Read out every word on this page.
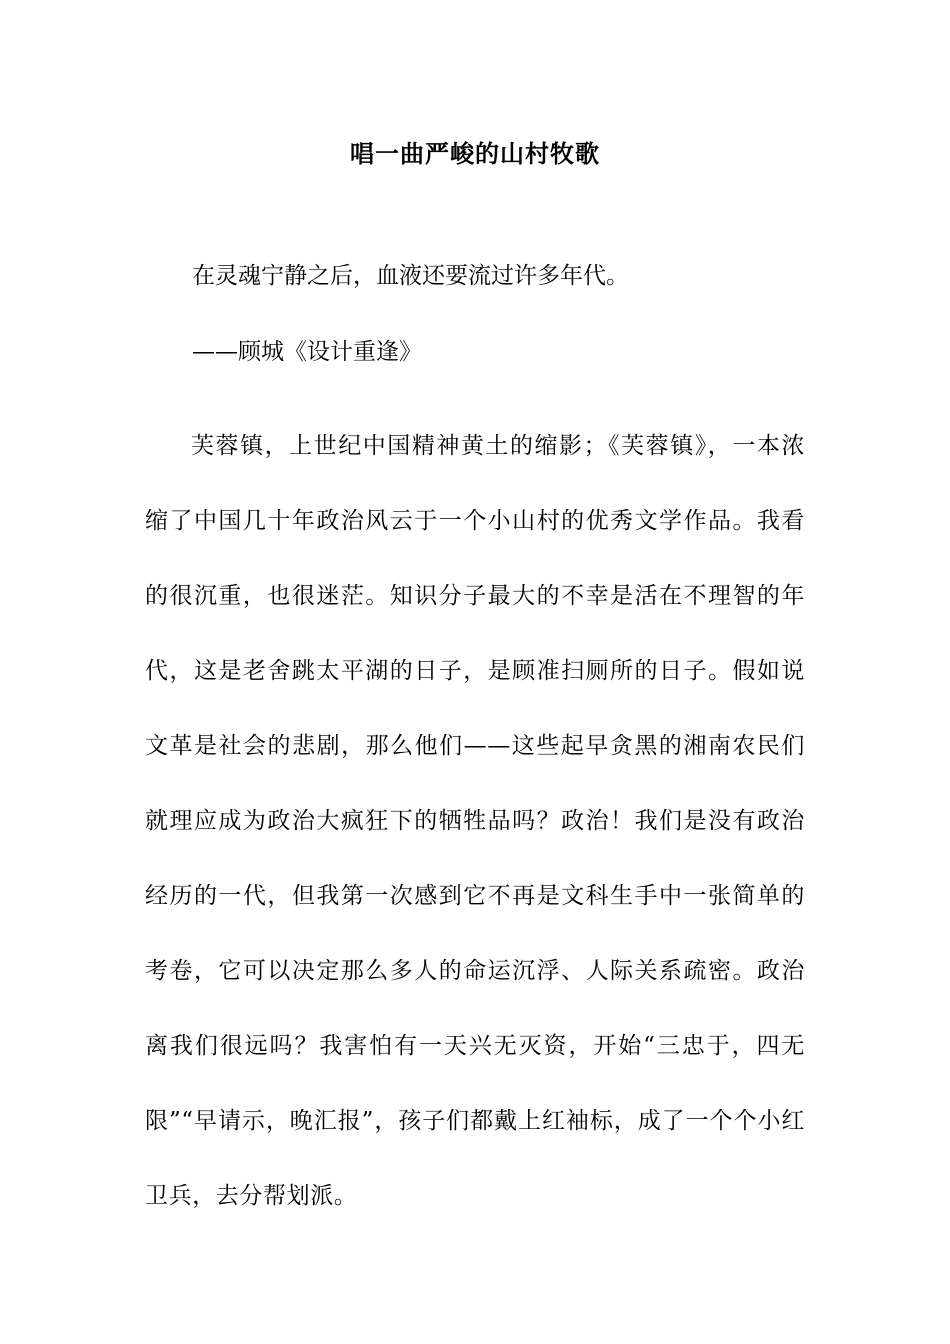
唱一曲严峻的山村牧歌
在灵魂宁静之后，血液还要流过许多年代。
——顾城《设计重逢》
芙蓉镇，上世纪中国精神黄土的缩影；《芙蓉镇》，一本浓缩了中国几十年政治风云于一个小山村的优秀文学作品。我看的很沉重，也很迷茫。知识分子最大的不幸是活在不理智的年代，这是老舍跳太平湖的日子，是顾准扫厕所的日子。假如说文革是社会的悲剧，那么他们——这些起早贪黑的湘南农民们就理应成为政治大疯狂下的牺牲品吗？政治！我们是没有政治经历的一代，但我第一次感到它不再是文科生手中一张简单的考卷，它可以决定那么多人的命运沉浮、人际关系疏密。政治离我们很远吗？我害怕有一天兴无灭资，开始“三忠于，四无限”“早请示，晚汇报”，孩子们都戴上红袖标，成了一个个小红卫兵，去分帮划派。
